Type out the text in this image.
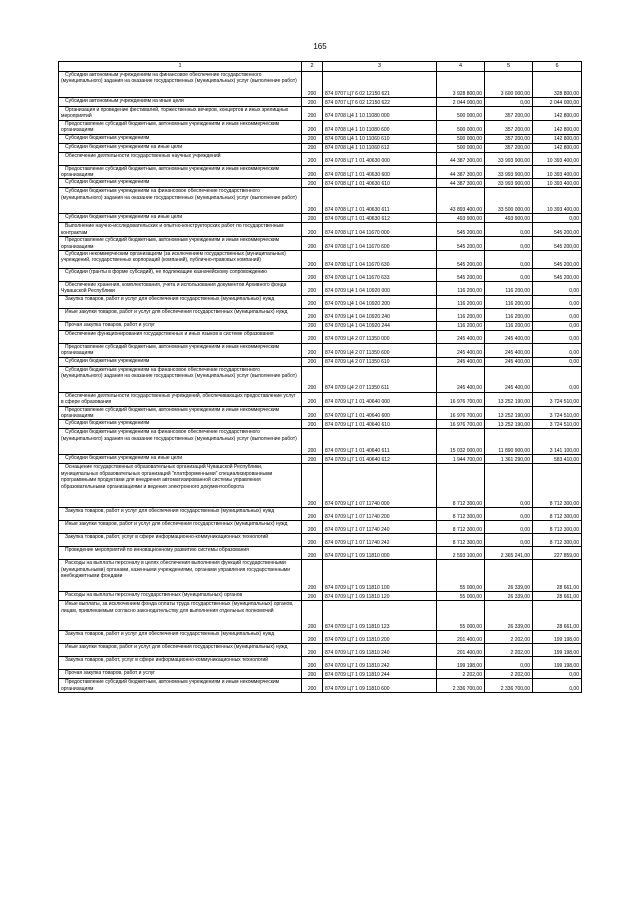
165
1	2	3	4	5	6
Субсидии автономным учреждениям на финансовое обеспечение государственного (муниципального) задания на оказание государственных (муниципальных) услуг (выполнение работ)	200	874 0707 Ц7 6 02 12150 621	3 928 800,00	3 600 000,00	328 800,00
Субсидии автономным учреждениям на иные цели	200	874 0707 Ц7 6 02 12150 622	2 044 000,00	0,00	2 044 000,00
Организация и проведение фестивалей, торжественных вечеров, концертов и иных зрелищных мероприятий	200	874 0708 Ц4 1 10 11080 000	500 000,00	357 200,00	142 800,00
Предоставление субсидий бюджетным, автономным учреждениям и иным некоммерческим организациям	200	874 0708 Ц4 1 10 11080 600	500 000,00	357 200,00	142 800,00
Субсидии бюджетным учреждениям	200	874 0708 Ц4 1 10 11060 610	500 000,00	357 200,00	142 800,00
Субсидии бюджетным учреждениям на иные цели	200	874 0708 Ц4 1 10 11060 612	500 000,00	357 200,00	142 800,00
Обеспечение деятельности государственных научных учреждений	200	874 0708 Ц7 1 01 40630 000	44 387 300,00	33 993 900,00	10 393 400,00
Предоставление субсидий бюджетным, автономным учреждениям и иным некоммерческим организациям	200	874 0708 Ц7 1 01 40630 600	44 387 300,00	33 993 900,00	10 393 400,00
Субсидии бюджетным учреждениям	200	874 0708 Ц7 1 01 40630 610	44 387 300,00	33 993 900,00	10 393 400,00
Субсидии бюджетным учреждениям на финансовое обеспечение государственного (муниципального) задания на оказание государственных (муниципальных) услуг (выполнение работ)	200	874 0708 Ц7 1 01 40630 611	43 893 400,00	33 500 000,00	10 393 400,00
Субсидии бюджетным учреждениям на иные цели	200	874 0708 Ц7 1 01 40630 612	493 900,00	493 900,00	0,00
Выполнение научно-исследовательских и опытно-конструкторских работ по государственным контрактам	200	874 0708 Ц7 1 04 11670 000	545 200,00	0,00	545 200,00
Предоставление субсидий бюджетным, автономным учреждениям и иным некоммерческим организациям	200	874 0708 Ц7 1 04 11670 600	545 200,00	0,00	545 200,00
Субсидии некоммерческим организациям (за исключением государственных (муниципальных) учреждений, государственных корпораций (компаний), публично-правовых компаний)	200	874 0708 Ц7 1 04 11670 630	545 200,00	0,00	545 200,00
Субсидии (гранты в форме субсидий), не подлежащие казначейскому сопровождению	200	874 0708 Ц7 1 04 11670 633	545 200,00	0,00	545 200,00
Обеспечение хранения, комплектования, учета и использования документов Архивного фонда Чувашской Республики	200	874 0709 Ц4 1 04 10920 000	116 200,00	116 200,00	0,00
Закупка товаров, работ и услуг для обеспечения государственных (муниципальных) нужд	200	874 0709 Ц4 1 04 10920 200	116 200,00	116 200,00	0,00
Иные закупки товаров, работ и услуг для обеспечения государственных (муниципальных) нужд	200	874 0709 Ц4 1 04 10920 240	116 200,00	116 200,00	0,00
Прочая закупка товаров, работ и услуг	200	874 0709 Ц4 1 04 10920 244	116 200,00	116 200,00	0,00
Обеспечение функционирования государственных и иных языков в системе образования	200	874 0709 Ц4 2 07 11350 000	245 400,00	245 400,00	0,00
Предоставление субсидий бюджетным, автономным учреждениям и иным некоммерческим организациям	200	874 0709 Ц4 2 07 11350 600	245 400,00	245 400,00	0,00
Субсидии бюджетным учреждениям	200	874 0709 Ц4 2 07 11350 610	245 400,00	245 400,00	0,00
Субсидии бюджетным учреждениям на финансовое обеспечение государственного (муниципального) задания на оказание государственных (муниципальных) услуг (выполнение работ)	200	874 0709 Ц4 2 07 11350 611	245 400,00	245 400,00	0,00
Обеспечение деятельности государственных учреждений, обеспечивающих предоставление услуг в сфере образования	200	874 0709 Ц7 1 01 40640 000	16 976 700,00	13 252 190,00	3 724 510,00
Предоставление субсидий бюджетным, автономным учреждениям и иным некоммерческим организациям	200	874 0709 Ц7 1 01 40640 600	16 976 700,00	13 252 190,00	3 724 510,00
Субсидии бюджетным учреждениям	200	874 0709 Ц7 1 01 40640 610	16 976 700,00	13 252 190,00	3 724 510,00
Субсидии бюджетным учреждениям на финансовое обеспечение государственного (муниципального) задания на оказание государственных (муниципальных) услуг (выполнение работ)	200	874 0709 Ц7 1 01 40640 611	15 032 000,00	11 890 900,00	3 141 100,00
Субсидии бюджетным учреждениям на иные цели	200	874 0709 Ц7 1 01 40640 612	1 944 700,00	1 361 290,00	583 410,00
Оснащение государственных образовательных организаций Чувашской Республики, муниципальных образовательных организаций "платформенными" специализированными программными продуктами для внедрения автоматизированной системы управления образовательными организациями и ведения электронного документооборота	200	874 0709 Ц7 1 07 11740 000	8 712 300,00	0,00	8 712 300,00
Закупка товаров, работ и услуг для обеспечения государственных (муниципальных) нужд	200	874 0709 Ц7 1 07 11740 200	8 712 300,00	0,00	8 712 300,00
Иные закупки товаров, работ и услуг для обеспечения государственных (муниципальных) нужд	200	874 0709 Ц7 1 07 11740 240	8 712 300,00	0,00	8 712 300,00
Закупка товаров, работ, услуг в сфере информационно-коммуникационных технологий	200	874 0709 Ц7 1 07 11740 242	8 712 300,00	0,00	8 712 300,00
Проведение мероприятий по инновационному развитию системы образования	200	874 0709 Ц7 1 09 11810 000	2 593 100,00	2 365 241,00	227 859,00
Расходы на выплаты персоналу в целях обеспечения выполнения функций государственными (муниципальными) органами, казенными учреждениями, органами управления государственными внебюджетными фондами	200	874 0709 Ц7 1 09 11810 100	55 000,00	26 339,00	28 661,00
Расходы на выплаты персоналу государственных (муниципальных) органов	200	874 0709 Ц7 1 09 11810 120	55 000,00	26 339,00	28 661,00
Иные выплаты, за исключением фонда оплаты труда государственных (муниципальных) органов, лицам, привлекаемым согласно законодательству для выполнения отдельных полномочий	200	874 0709 Ц7 1 09 11810 123	55 000,00	26 339,00	28 661,00
Закупка товаров, работ и услуг для обеспечения государственных (муниципальных) нужд	200	874 0709 Ц7 1 09 11810 200	201 400,00	2 202,00	199 198,00
Иные закупки товаров, работ и услуг для обеспечения государственных (муниципальных) нужд	200	874 0709 Ц7 1 09 11810 240	201 400,00	2 202,00	199 198,00
Закупка товаров, работ, услуг в сфере информационно-коммуникационных технологий	200	874 0709 Ц7 1 09 11810 242	199 198,00	0,00	199 198,00
Прочая закупка товаров, работ и услуг	200	874 0709 Ц7 1 09 11810 244	2 202,00	2 202,00	0,00
Предоставление субсидий бюджетным, автономным учреждениям и иным некоммерческим организациям	200	874 0709 Ц7 1 09 11810 600	2 336 700,00	2 336 700,00	0,00
